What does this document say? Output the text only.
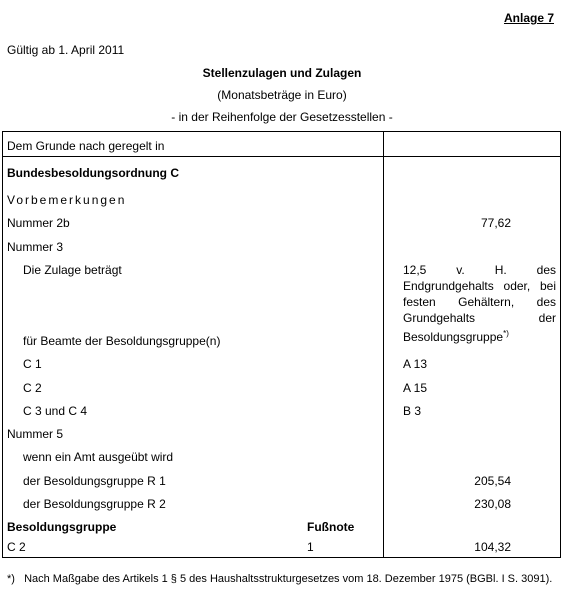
Anlage 7
Gültig ab 1. April 2011
Stellenzulagen und Zulagen
(Monatsbeträge in Euro)
- in der Reihenfolge der Gesetzesstellen -
Dem Grunde nach geregelt in
Bundesbesoldungsordnung C
Vorbemerkungen
Nummer 2b	77,62
Nummer 3
Die Zulage beträgt	12,5 v. H. des Endgrundgehalts oder, bei festen Gehältern, des Grundgehalts der Besoldungsgruppe*)
für Beamte der Besoldungsgruppe(n)
C 1	A 13
C 2	A 15
C 3 und C 4	B 3
Nummer 5
wenn ein Amt ausgeübt wird
der Besoldungsgruppe R 1	205,54
der Besoldungsgruppe R 2	230,08
Besoldungsgruppe	Fußnote
C 2	1	104,32
*) Nach Maßgabe des Artikels 1 § 5 des Haushaltsstrukturgesetzes vom 18. Dezember 1975 (BGBl. I S. 3091).
